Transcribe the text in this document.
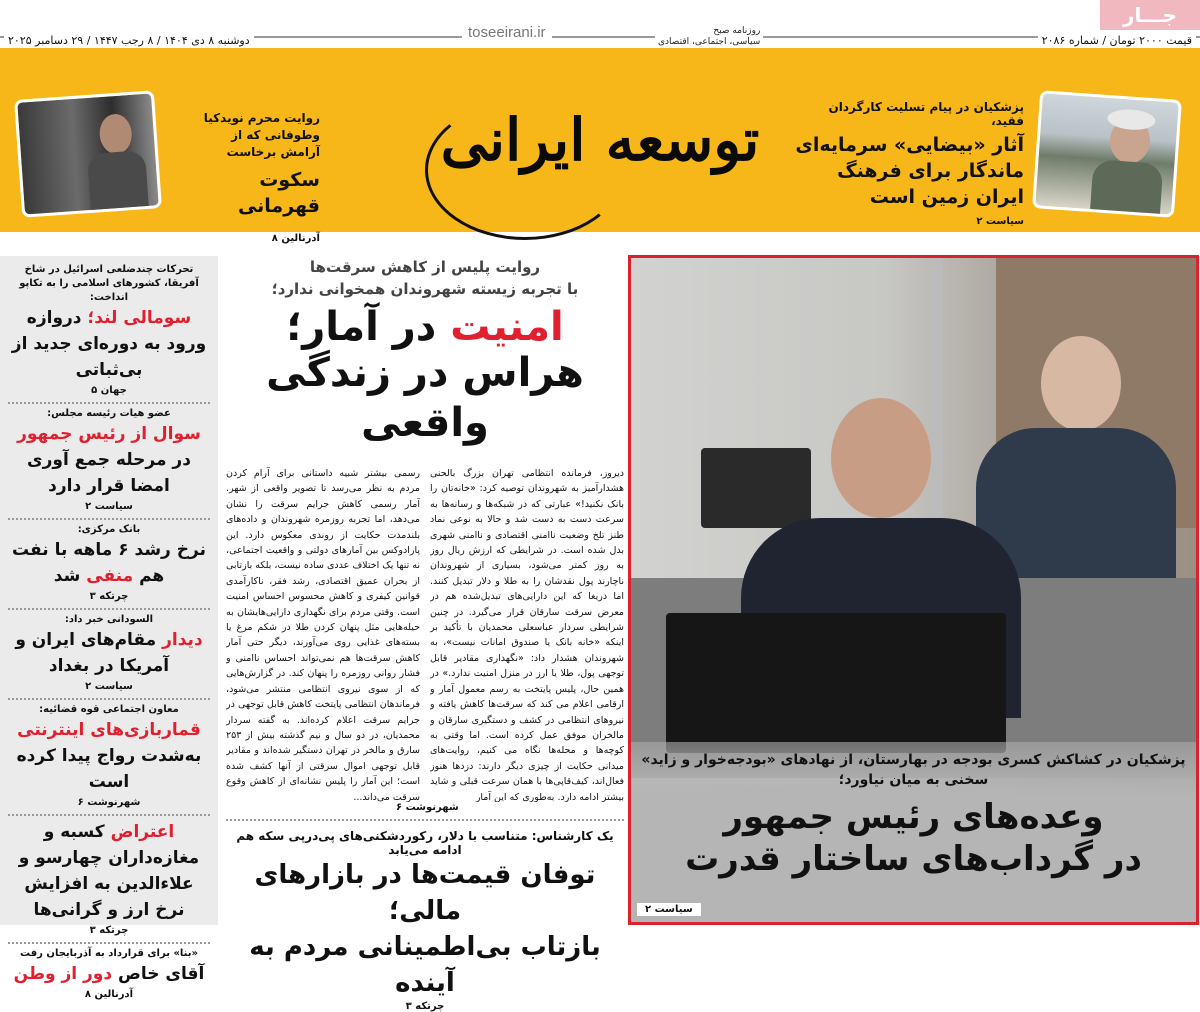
دوشنبه ۸ دی ۱۴۰۴ / ۸ رجب ۱۴۴۷ / ۲۹ دسامبر ۲۰۲۵	قیمت ۲۰۰۰ تومان / شماره ۲۰۸۶
toseeirani.ir
جـــار
پزشکیان در پیام تسلیت کارگردان فقید،
آثار «بیضایی» سرمایه‌ای ماندگار برای فرهنگ ایران زمین است
سیاست ۲
روایت محرم نویدکیا وطوفانی که از آرامش برخاست
سکوت قهرمانی
آدرنالین ۸
توسعه ایرانی
روزنامه صبح
سیاسی، اجتماعی، اقتصادی
تحرکات چندضلعی اسرائیل در شاخ آفریقا، کشورهای اسلامی را به تکاپو انداخت:
سومالی لند؛ دروازه ورود به دوره‌ای جدید از بی‌ثباتی
جهان ۵
عضو هیات رئیسه مجلس:
سوال از رئیس جمهور در مرحله جمع آوری امضا قرار دارد
سیاست ۲
بانک مرکزی:
نرخ رشد ۶ ماهه با نفت هم منفی شد
چرتکه ۳
السودانی خبر داد:
دیدار مقام‌های ایران و آمریکا در بغداد
سیاست ۲
معاون اجتماعی قوه قضائیه:
قماربازی‌های اینترنتی به‌شدت رواج پیدا کرده است
شهرنوشت ۶
اعتراض کسبه و مغازه‌داران چهارسو و علاءالدین به افزایش نرخ ارز و گرانی‌ها
چرتکه ۳
«بنا» برای قرارداد به آذربایجان رفت
آقای خاص دور از وطن
آدرنالین ۸
روایت پلیس از کاهش سرقت‌ها
با تجربه زیسته شهروندان همخوانی ندارد؛
امنیت در آمار؛
هراس در زندگی واقعی

دیروز، فرمانده انتظامی تهران بزرگ بالحنی هشدارآمیز به شهروندان توصیه کرد: «خانه‌تان را بانک نکنید!» عبارتی که در شبکه‌ها و رسانه‌ها به سرعت دست به دست شد و حالا به نوعی نماد طنز تلخ وضعیت ناامنی اقتصادی و ناامنی شهری بدل شده است. در شرایطی که ارزش ریال روز به روز کمتر می‌شود، بسیاری از شهروندان ناچارند پول نقدشان را به طلا و دلار تبدیل کنند. اما دریغا که این دارایی‌های تبدیل‌شده هم در معرض سرقت سارقان قرار می‌گیرد. در چنین شرایطی سردار عباسعلی محمدیان با تأکید بر اینکه «خانه بانک یا صندوق امانات نیست»، به شهروندان هشدار داد: «نگهداری مقادیر قابل توجهی پول، طلا یا ارز در منزل امنیت ندارد.» در همین حال، پلیس پایتخت به رسم معمول آمار و ارقامی اعلام می کند که سرقت‌ها کاهش یافته و نیروهای انتظامی در کشف و دستگیری سارقان و مالخران موفق عمل کرده است. اما وقتی به کوچه‌ها و محله‌ها نگاه می کنیم، روایت‌های میدانی حکایت از چیزی دیگر دارند: دزدها هنوز فعال‌اند، کیف‌قاپی‌ها با همان سرعت قبلی و شاید بیشتر ادامه دارد. به‌طوری که این آمار

رسمی بیشتر شبیه داستانی برای آرام کردن مردم به نظر می‌رسد تا تصویر واقعی از شهر. آمار رسمی کاهش جرایم سرقت را نشان می‌دهد، اما تجربه روزمره شهروندان و داده‌های بلندمدت حکایت از روندی معکوس دارد. این پارادوکس بین آمارهای دولتی و واقعیت اجتماعی، نه تنها یک اختلاف عددی ساده نیست، بلکه بازتابی از بحران عمیق اقتصادی، رشد فقر، ناکارآمدی قوانین کیفری و کاهش محسوس احساس امنیت است. وقتی مردم برای نگهداری دارایی‌هایشان به حیله‌هایی مثل پنهان کردن طلا در شکم مرغ یا بسته‌های غذایی روی می‌آورند، دیگر حتی آمار کاهش سرقت‌ها هم نمی‌تواند احساس ناامنی و فشار روانی روزمره را پنهان کند. در گزارش‌هایی که از سوی نیروی انتظامی منتشر می‌شود، فرماندهان انتظامی پایتخت کاهش قابل توجهی در جرایم سرقت اعلام کرده‌اند. به گفته سردار محمدیان، در دو سال و نیم گذشته بیش از ۲۵۳ سارق و مالخر در تهران دستگیر شده‌اند و مقادیر قابل توجهی اموال سرقتی از آنها کشف شده است؛ این آمار را پلیس نشانه‌ای از کاهش وقوع سرقت می‌داند...

شهرنوشت ۶
یک کارشناس: متناسب با دلار، رکوردشکنی‌های پی‌درپی سکه هم ادامه می‌یابد
توفان قیمت‌ها در بازارهای مالی؛
بازتاب بی‌اطمینانی مردم به آینده
چرتکه ۳
پزشکیان در کشاکش کسری بودجه در بهارستان، از نهادهای «بودجه‌خوار و زاید» سخنی به میان نیاورد؛
وعده‌های رئیس جمهور
در گرداب‌های ساختار قدرت
سیاست ۲
